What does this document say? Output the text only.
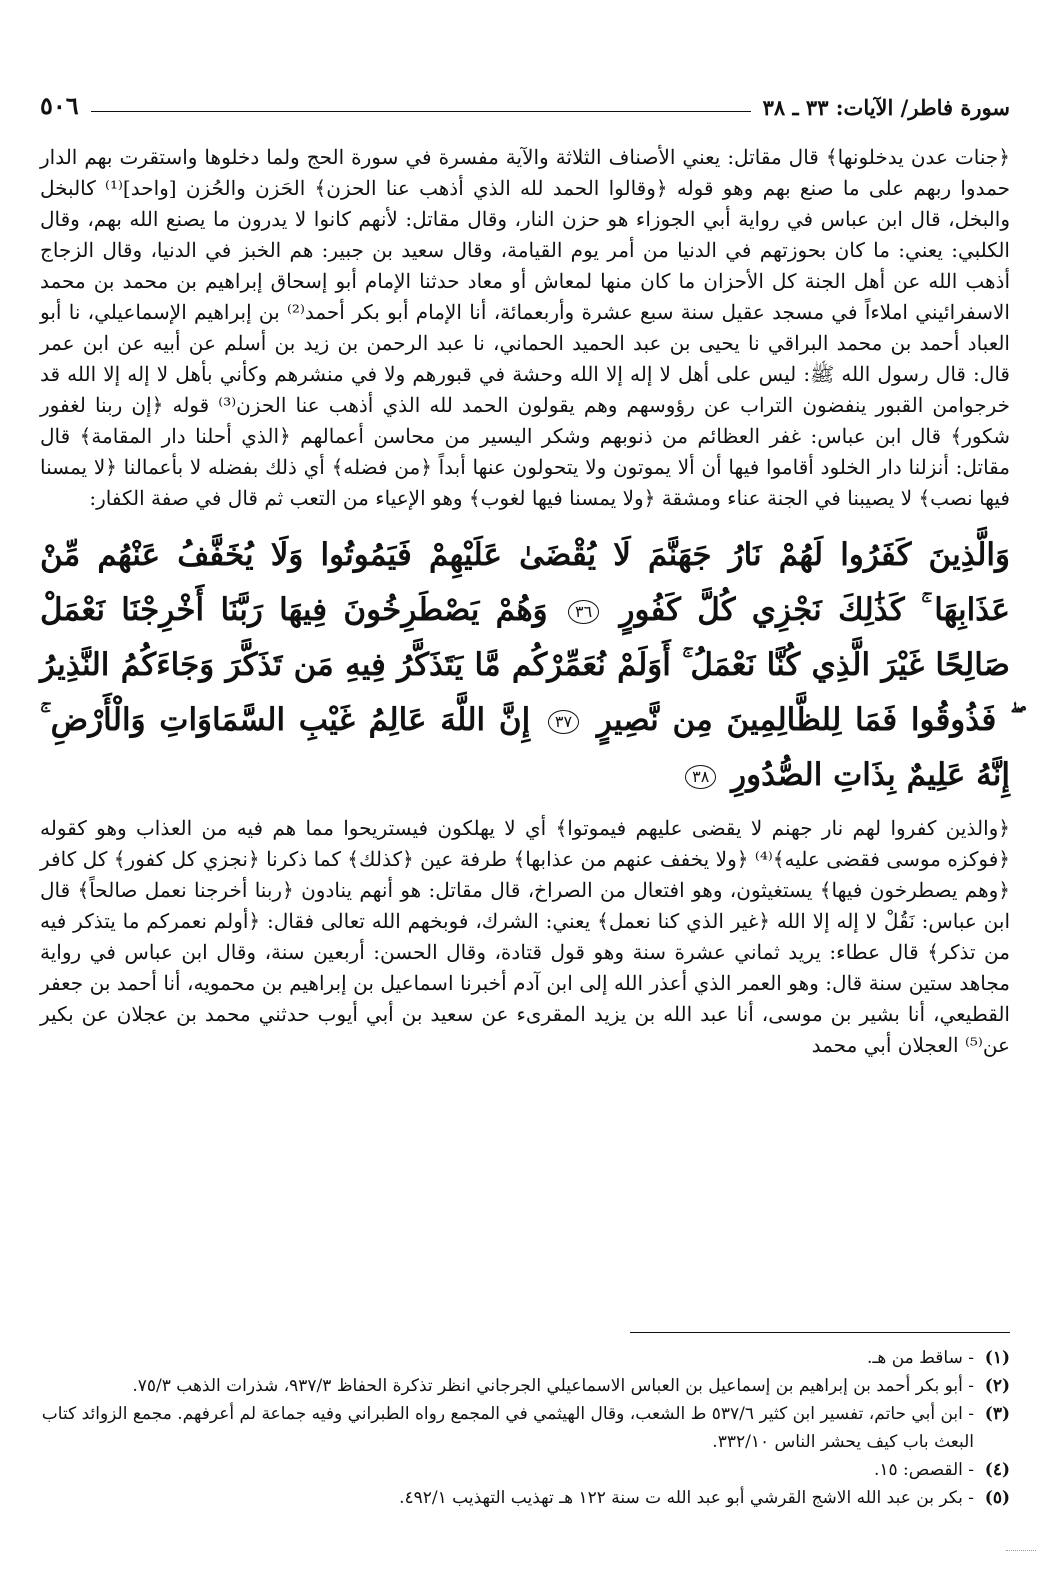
سورة فاطر/ الآيات: ٣٣ ـ ٣٨
٥٠٦

﴿جنات عدن يدخلونها﴾ قال مقاتل: يعني الأصناف الثلاثة والآية مفسرة في سورة الحج ولما دخلوها واستقرت بهم الدار حمدوا ربهم على ما صنع بهم وهو قوله ﴿وقالوا الحمد لله الذي أذهب عنا الحزن﴾ الحَزن والحُزن [واحد]⁽¹⁾ كالبخل والبخل، قال ابن عباس في رواية أبي الجوزاء هو حزن النار، وقال مقاتل: لأنهم كانوا لا يدرون ما يصنع الله بهم، وقال الكلبي: يعني: ما كان بحوزتهم في الدنيا من أمر يوم القيامة، وقال سعيد بن جبير: هم الخبز في الدنيا، وقال الزجاج أذهب الله عن أهل الجنة كل الأحزان ما كان منها لمعاش أو معاد حدثنا الإمام أبو إسحاق إبراهيم بن محمد بن محمد الاسفرائيني املاءاً في مسجد عقيل سنة سبع عشرة وأربعمائة، أنا الإمام أبو بكر أحمد⁽²⁾ بن إبراهيم الإسماعيلي، نا أبو العباد أحمد بن محمد البراقي نا يحيى بن عبد الحميد الحماني، نا عبد الرحمن بن زيد بن أسلم عن أبيه عن ابن عمر قال: قال رسول الله ﷺ: ليس على أهل لا إله إلا الله وحشة في قبورهم ولا في منشرهم وكأني بأهل لا إله إلا الله قد خرجوامن القبور ينفضون التراب عن رؤوسهم وهم يقولون الحمد لله الذي أذهب عنا الحزن⁽³⁾ قوله ﴿إن ربنا لغفور شكور﴾ قال ابن عباس: غفر العظائم من ذنوبهم وشكر اليسير من محاسن أعمالهم ﴿الذي أحلنا دار المقامة﴾ قال مقاتل: أنزلنا دار الخلود أقاموا فيها أن ألا يموتون ولا يتحولون عنها أبداً ﴿من فضله﴾ أي ذلك بفضله لا بأعمالنا ﴿لا يمسنا فيها نصب﴾ لا يصيبنا في الجنة عناء ومشقة ﴿ولا يمسنا فيها لغوب﴾ وهو الإعياء من التعب ثم قال في صفة الكفار:

وَالَّذِينَ كَفَرُوا لَهُمْ نَارُ جَهَنَّمَ لَا يُقْضَىٰ عَلَيْهِمْ فَيَمُوتُوا وَلَا يُخَفَّفُ عَنْهُم مِّنْ عَذَابِهَا ۚ كَذَٰلِكَ نَجْزِي كُلَّ كَفُورٍ ٣٦ وَهُمْ يَصْطَرِخُونَ فِيهَا رَبَّنَا أَخْرِجْنَا نَعْمَلْ صَالِحًا غَيْرَ الَّذِي كُنَّا نَعْمَلُ ۚ أَوَلَمْ نُعَمِّرْكُم مَّا يَتَذَكَّرُ فِيهِ مَن تَذَكَّرَ وَجَاءَكُمُ النَّذِيرُ ۖ فَذُوقُوا فَمَا لِلظَّالِمِينَ مِن نَّصِيرٍ ٣٧ إِنَّ اللَّهَ عَالِمُ غَيْبِ السَّمَاوَاتِ وَالْأَرْضِ ۚ إِنَّهُ عَلِيمٌ بِذَاتِ الصُّدُورِ ٣٨

﴿والذين كفروا لهم نار جهنم لا يقضى عليهم فيموتوا﴾ أي لا يهلكون فيستريحوا مما هم فيه من العذاب وهو كقوله ﴿فوكزه موسى فقضى عليه﴾⁽⁴⁾ ﴿ولا يخفف عنهم من عذابها﴾ طرفة عين ﴿كذلك﴾ كما ذكرنا ﴿نجزي كل كفور﴾ كل كافر ﴿وهم يصطرخون فيها﴾ يستغيثون، وهو افتعال من الصراخ، قال مقاتل: هو أنهم ينادون ﴿ربنا أخرجنا نعمل صالحاً﴾ قال ابن عباس: نَقُلْ لا إله إلا الله ﴿غير الذي كنا نعمل﴾ يعني: الشرك، فوبخهم الله تعالى فقال: ﴿أولم نعمركم ما يتذكر فيه من تذكر﴾ قال عطاء: يريد ثماني عشرة سنة وهو قول قتادة، وقال الحسن: أربعين سنة، وقال ابن عباس في رواية مجاهد ستين سنة قال: وهو العمر الذي أعذر الله إلى ابن آدم أخبرنا اسماعيل بن إبراهيم بن محمويه، أنا أحمد بن جعفر القطيعي، أنا بشير بن موسى، أنا عبد الله بن يزيد المقرىء عن سعيد بن أبي أيوب حدثني محمد بن عجلان عن بكير عن⁽⁵⁾ العجلان أبي محمد

(١)
- ساقط من هـ.

(٢)
- أبو بكر أحمد بن إبراهيم بن إسماعيل بن العباس الاسماعيلي الجرجاني انظر تذكرة الحفاظ ٩٣٧/٣، شذرات الذهب ٧٥/٣.

(٣)
- ابن أبي حاتم، تفسير ابن كثير ٥٣٧/٦ ط الشعب، وقال الهيثمي في المجمع رواه الطبراني وفيه جماعة لم أعرفهم. مجمع الزوائد كتاب البعث باب كيف يحشر الناس ٣٣٢/١٠.

(٤)
- القصص: ١٥.

(٥)
- بكر بن عبد الله الاشج القرشي أبو عبد الله ت سنة ١٢٢ هـ تهذيب التهذيب ٤٩٢/١.
